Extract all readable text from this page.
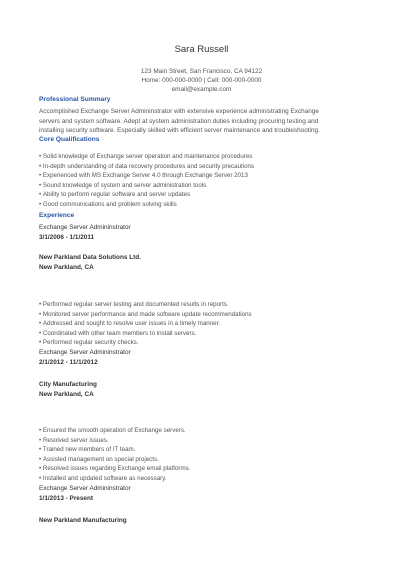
Sara Russell
123 Main Street, San Francisco, CA 94122
Home: 000-000-0000 | Cell: 000-000-0000
email@example.com
Professional Summary
Accomplished Exchange Server Admininstrator with extensive experience administrating Exchange
servers and system software. Adept at system administration duties including procuring testing and
installing security software. Especially skilled with efficient server maintenance and troubleshooting.
Core Qualifications
• Solid knowledge of Exchange server operation and maintenance procedures
• In-depth understanding of data recovery procedures and security precautions
• Experienced with MS Exchange Server 4.0 through Exchange Server 2013
• Sound knowledge of system and server administration tools
• Ability to perform regular software and server updates
• Good communications and problem solving skills
Experience
Exchange Server Admininstrator
3/1/2006 - 1/1/2011
New Parkland Data Solutions Ltd.
New Parkland, CA
• Performed regular server testing and documented results in reports.
• Monitored server performance and made software update recommendations
• Addressed and sought to resolve user issues in a timely manner.
• Coordinated with other team members to install servers.
• Performed regular security checks.
Exchange Server Admininstrator
2/1/2012 - 11/1/2012
City Manufacturing
New Parkland, CA
• Ensured the smooth operation of Exchange servers.
• Resolved server issues.
• Trained new members of IT team.
• Assisted management on special projects.
• Resolved issues regarding Exchange email platforms.
• Installed and updated software as necessary.
Exchange Server Admininstrator
1/1/2013 - Present
New Parkland Manufacturing
